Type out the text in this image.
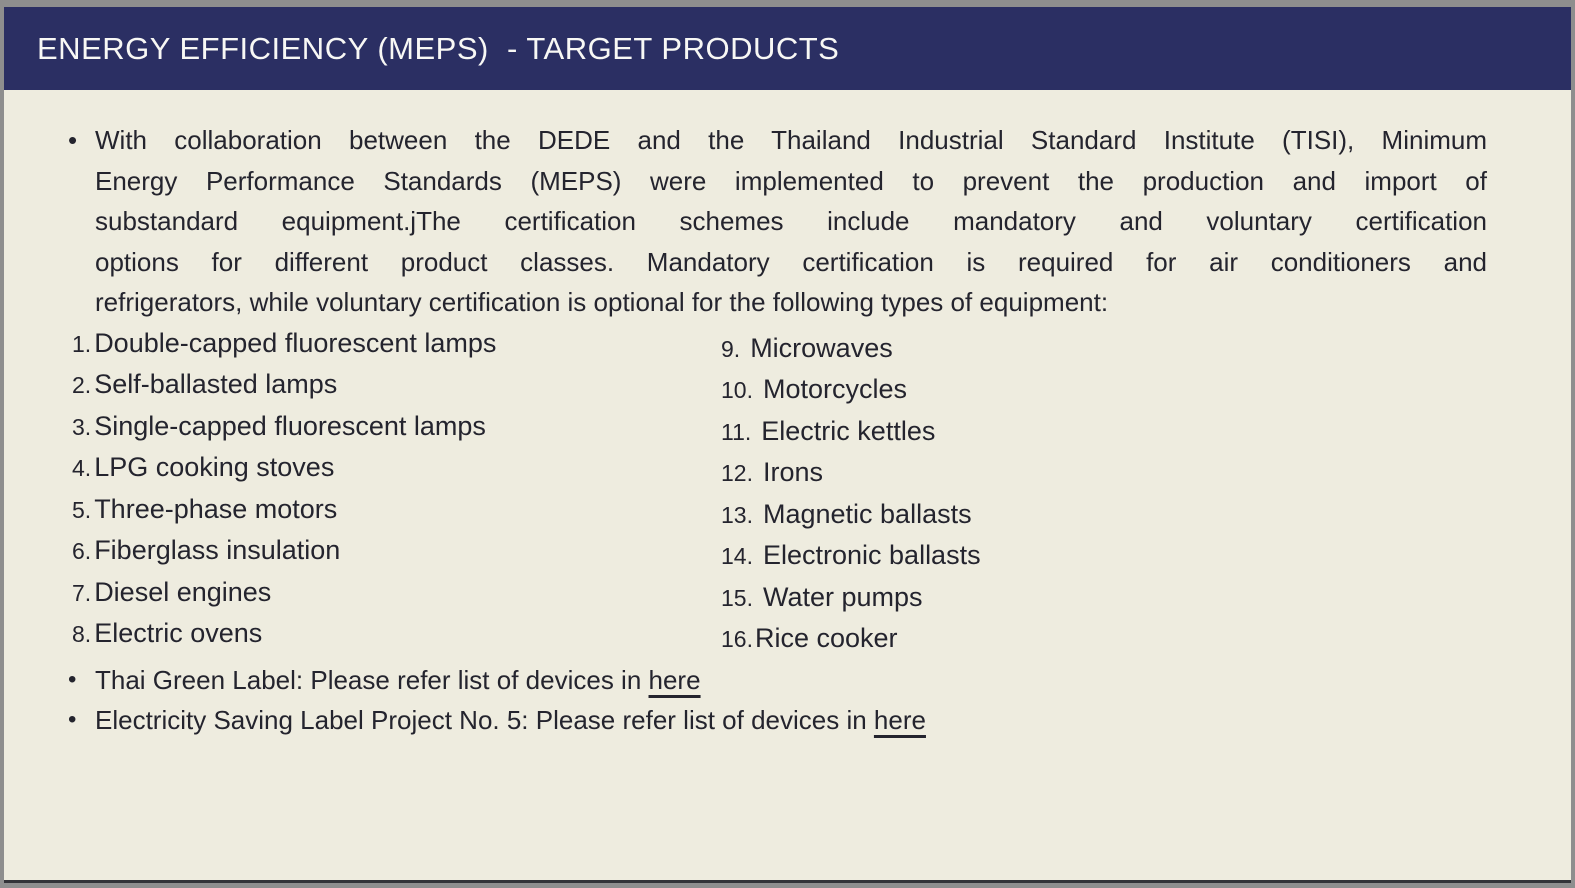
ENERGY EFFICIENCY (MEPS)  - TARGET PRODUCTS
• With collaboration between the DEDE and the Thailand Industrial Standard Institute (TISI), Minimum
Energy Performance Standards (MEPS) were implemented to prevent the production and import of
substandard equipment.jThe certification schemes include mandatory and voluntary certification
options for different product classes. Mandatory certification is required for air conditioners and
refrigerators, while voluntary certification is optional for the following types of equipment:
1. Double-capped fluorescent lamps
2. Self-ballasted lamps
3. Single-capped fluorescent lamps
4. LPG cooking stoves
5. Three-phase motors
6. Fiberglass insulation
7. Diesel engines
8. Electric ovens
9. Microwaves
10. Motorcycles
11. Electric kettles
12. Irons
13. Magnetic ballasts
14. Electronic ballasts
15. Water pumps
16.Rice cooker
• Thai Green Label: Please refer list of devices in here
• Electricity Saving Label Project No. 5: Please refer list of devices in here
